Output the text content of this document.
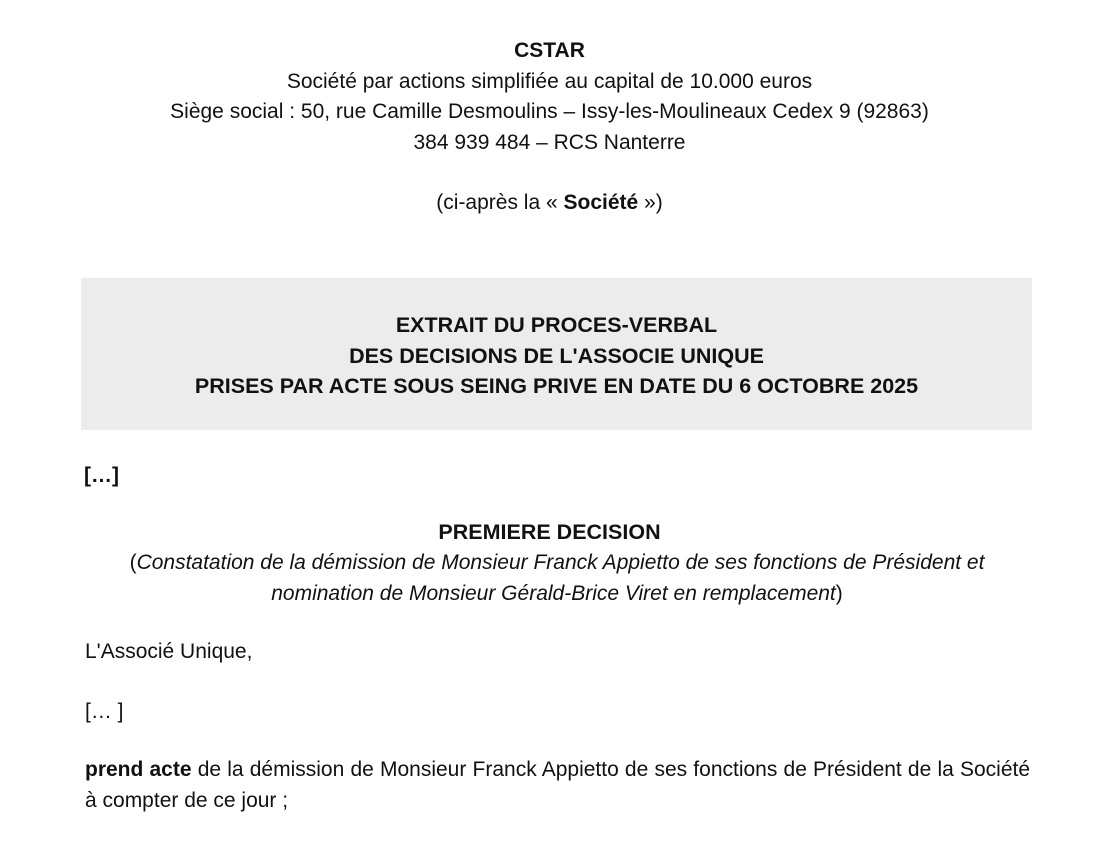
CSTAR
Société par actions simplifiée au capital de 10.000 euros
Siège social : 50, rue Camille Desmoulins – Issy-les-Moulineaux Cedex 9 (92863)
384 939 484 – RCS Nanterre
(ci-après la « Société »)
EXTRAIT DU PROCES-VERBAL
DES DECISIONS DE L'ASSOCIE UNIQUE
PRISES PAR ACTE SOUS SEING PRIVE EN DATE DU 6 OCTOBRE 2025
[…]
PREMIERE DECISION
(Constatation de la démission de Monsieur Franck Appietto de ses fonctions de Président et
nomination de Monsieur Gérald-Brice Viret en remplacement)
L'Associé Unique,
[… ]
prend acte de la démission de Monsieur Franck Appietto de ses fonctions de Président de la Société à compter de ce jour ;
